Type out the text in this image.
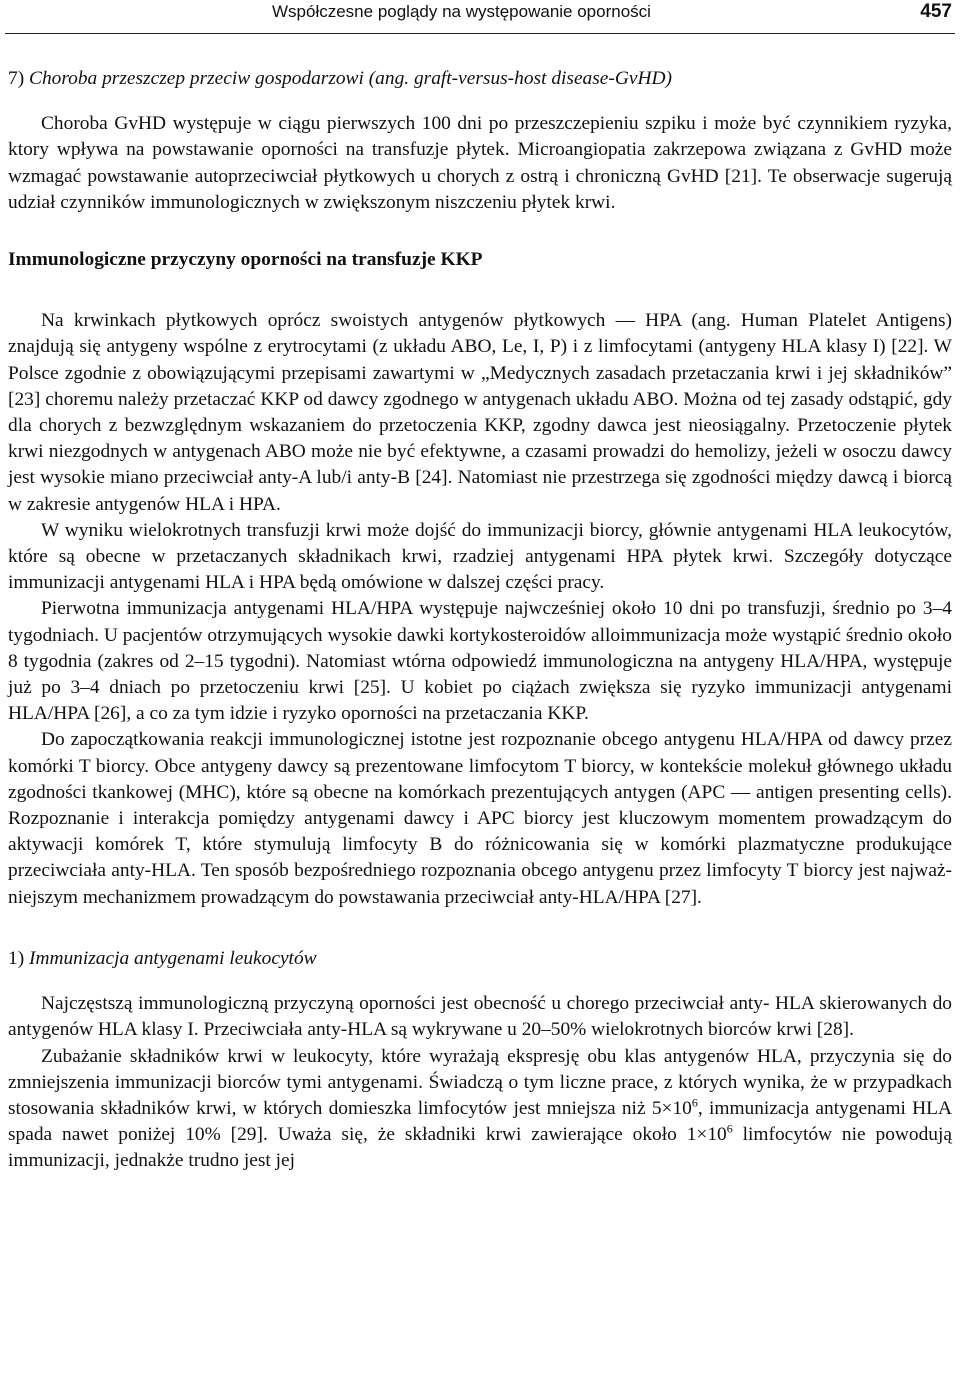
Współczesne poglądy na występowanie oporności	457

7) Choroba przeszczep przeciw gospodarzowi (ang. graft-versus-host disease-GvHD)

Choroba GvHD występuje w ciągu pierwszych 100 dni po przeszczepieniu szpiku i może być czynnikiem ryzyka, ktory wpływa na powstawanie oporności na transfuzje płytek. Microangiopatia zakrzepowa związana z GvHD może wzmagać powstawanie autoprzeciwciał płytkowych u chorych z ostrą i chroniczną GvHD [21]. Te obserwacje sugerują udział czynników immunologicznych w zwiększonym niszczeniu płytek krwi.

Immunologiczne przyczyny oporności na transfuzje KKP

Na krwinkach płytkowych oprócz swoistych antygenów płytkowych — HPA (ang. Human Platelet Antigens) znajdują się antygeny wspólne z erytrocytami (z układu ABO, Le, I, P) i z limfocytami (antygeny HLA klasy I) [22]. W Polsce zgodnie z obowiązującymi przepisami zawartymi w „Medycznych zasadach przetaczania krwi i jej składników” [23] choremu należy przetaczać KKP od dawcy zgodnego w antygenach układu ABO. Można od tej zasady odstąpić, gdy dla chorych z bezwzględnym wskazaniem do przetoczenia KKP, zgodny dawca jest nieosiągalny. Przetoczenie płytek krwi niezgodnych w antygenach ABO może nie być efektywne, a czasami prowadzi do hemolizy, jeżeli w osoczu dawcy jest wysokie miano przeciwciał anty-A lub/i anty-B [24]. Natomiast nie przestrzega się zgodności między dawcą i biorcą w zakresie antygenów HLA i HPA.

W wyniku wielokrotnych transfuzji krwi może dojść do immunizacji biorcy, głównie antygenami HLA leukocytów, które są obecne w przetaczanych składnikach krwi, rzadziej antygenami HPA płytek krwi. Szczegóły dotyczące immunizacji antygenami HLA i HPA będą omówione w dalszej części pracy.

Pierwotna immunizacja antygenami HLA/HPA występuje najwcześniej około 10 dni po transfuzji, średnio po 3–4 tygodniach. U pacjentów otrzymujących wysokie dawki kortykosteroidów alloimmunizacja może wystąpić średnio około 8 tygodnia (zakres od 2–15 tygodni). Natomiast wtórna odpowiedź immunologiczna na antygeny HLA/HPA, występuje już po 3–4 dniach po przetoczeniu krwi [25]. U kobiet po ciążach zwiększa się ryzyko immunizacji antygenami HLA/HPA [26], a co za tym idzie i ryzyko oporności na przetaczania KKP.

Do zapoczątkowania reakcji immunologicznej istotne jest rozpoznanie obcego antygenu HLA/HPA od dawcy przez komórki T biorcy. Obce antygeny dawcy są prezentowane limfocytom T biorcy, w kontekście molekuł głównego układu zgodności tkankowej (MHC), które są obecne na komórkach prezentujących antygen (APC — antigen presenting cells). Rozpoznanie i interakcja pomiędzy antygenami dawcy i APC biorcy jest kluczowym momentem prowadzącym do aktywacji komórek T, które stymulują limfocyty B do różnicowania się w komórki plazmatyczne produkujące przeciwciała anty-HLA. Ten sposób bezpośredniego rozpoznania obcego antygenu przez limfocyty T biorcy jest najważniejszym mechanizmem prowadzącym do powstawania przeciwciał anty-HLA/HPA [27].

1) Immunizacja antygenami leukocytów

Najczęstszą immunologiczną przyczyną oporności jest obecność u chorego przeciwciał anty- HLA skierowanych do antygenów HLA klasy I. Przeciwciała anty-HLA są wykrywane u 20–50% wielokrotnych biorców krwi [28].

Zubażanie składników krwi w leukocyty, które wyrażają ekspresję obu klas antygenów HLA, przyczynia się do zmniejszenia immunizacji biorców tymi antygenami. Świadczą o tym liczne prace, z których wynika, że w przypadkach stosowania składników krwi, w których domieszka limfocytów jest mniejsza niż $5\times 10^6$, immunizacja antygenami HLA spada nawet poniżej 10% [29]. Uważa się, że składniki krwi zawierające około $1\times 10^6$ limfocytów nie powodują immunizacji, jednakże trudno jest jej
